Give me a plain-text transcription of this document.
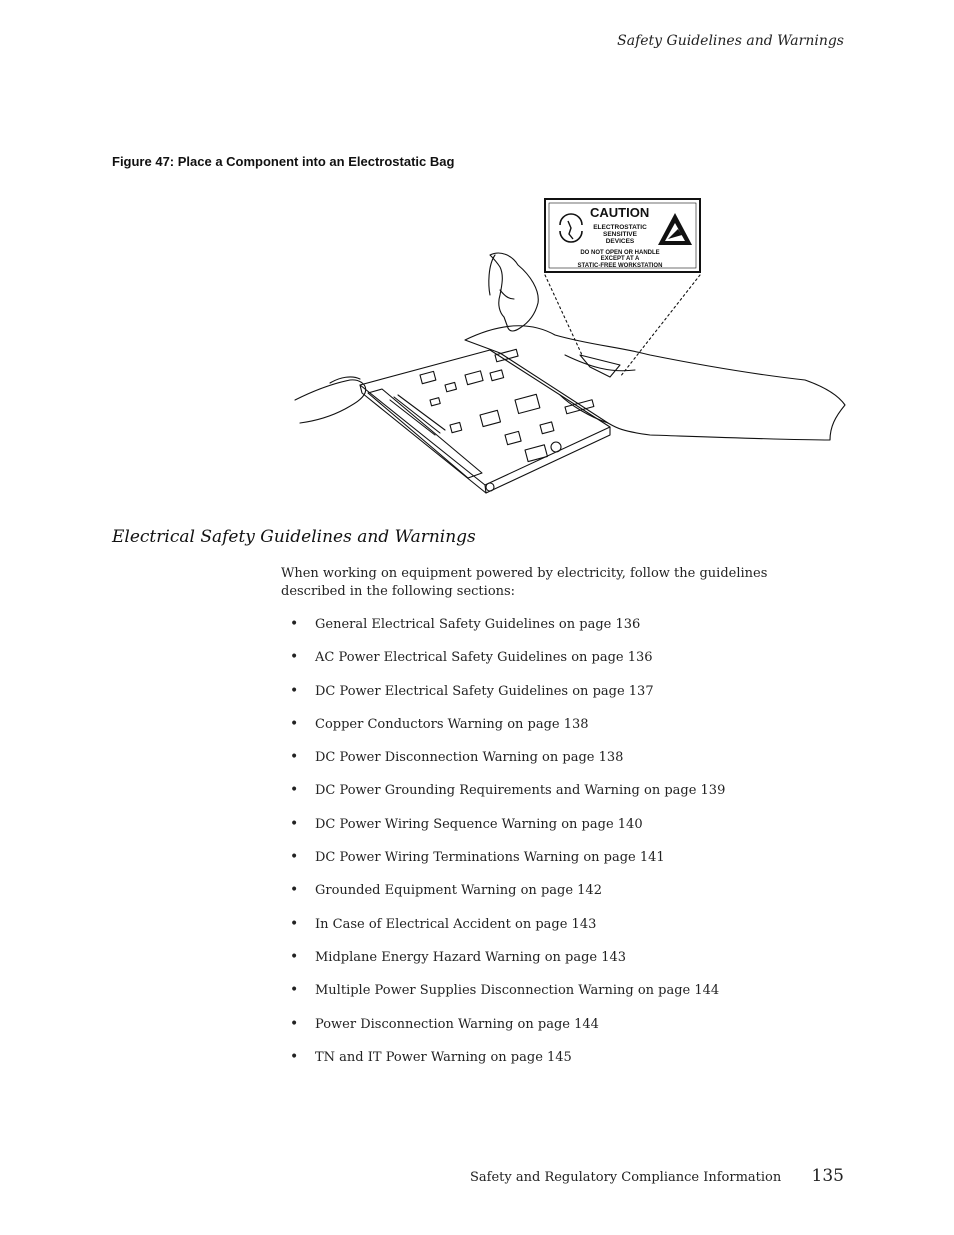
Safety Guidelines and Warnings
Figure 47: Place a Component into an Electrostatic Bag
CAUTION
ELECTROSTATIC
SENSITIVE
DEVICES
DO NOT OPEN OR HANDLE
EXCEPT AT A
STATIC-FREE WORKSTATION
Electrical Safety Guidelines and Warnings

When working on equipment powered by electricity, follow the guidelines described in the following sections:

•	General Electrical Safety Guidelines on page 136
•	AC Power Electrical Safety Guidelines on page 136
•	DC Power Electrical Safety Guidelines on page 137
•	Copper Conductors Warning on page 138
•	DC Power Disconnection Warning on page 138
•	DC Power Grounding Requirements and Warning on page 139
•	DC Power Wiring Sequence Warning on page 140
•	DC Power Wiring Terminations Warning on page 141
•	Grounded Equipment Warning on page 142
•	In Case of Electrical Accident on page 143
•	Midplane Energy Hazard Warning on page 143
•	Multiple Power Supplies Disconnection Warning on page 144
•	Power Disconnection Warning on page 144
•	TN and IT Power Warning on page 145
Safety and Regulatory Compliance Information 135
